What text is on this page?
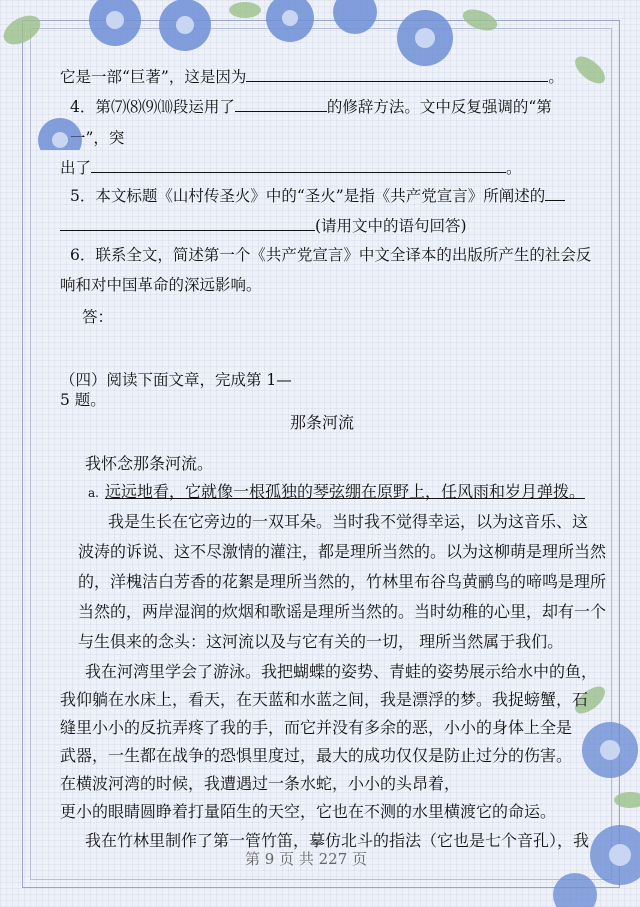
它是一部“巨著”，这是因为	。
4．第⑺⑻⑼⑽段运用了	的修辞方法。文中反复强调的“第
一”，突
出了	。
5．本文标题《山村传圣火》中的“圣火”是指《共产党宣言》所阐述的
(请用文中的语句回答)
6．联系全文，简述第一个《共产党宣言》中文全译本的出版所产生的社会反
响和对中国革命的深远影响。
答：
（四）阅读下面文章，完成第 1—
5 题。
那条河流
我怀念那条河流。
a. 远远地看，它就像一根孤独的琴弦绷在原野上，任风雨和岁月弹拨。
我是生长在它旁边的一双耳朵。当时我不觉得幸运，以为这音乐、这
波涛的诉说、这不尽激情的灌注，都是理所当然的。以为这柳萌是理所当然
的，洋槐洁白芳香的花絮是理所当然的，竹林里布谷鸟黄鹂鸟的啼鸣是理所
当然的，两岸湿润的炊烟和歌谣是理所当然的。当时幼稚的心里，却有一个
与生俱来的念头：这河流以及与它有关的一切， 理所当然属于我们。
我在河湾里学会了游泳。我把蝴蝶的姿势、青蛙的姿势展示给水中的鱼，
我仰躺在水床上，看天，在天蓝和水蓝之间，我是漂浮的梦。我捉螃蟹，石
缝里小小的反抗弄疼了我的手，而它并没有多余的恶，小小的身体上全是
武器，一生都在战争的恐惧里度过，最大的成功仅仅是防止过分的伤害。
在横波河湾的时候，我遭遇过一条水蛇，小小的头昂着，
更小的眼睛圆睁着打量陌生的天空，它也在不测的水里横渡它的命运。
我在竹林里制作了第一管竹笛，摹仿北斗的指法（它也是七个音孔），我
第 9 页 共 227 页
